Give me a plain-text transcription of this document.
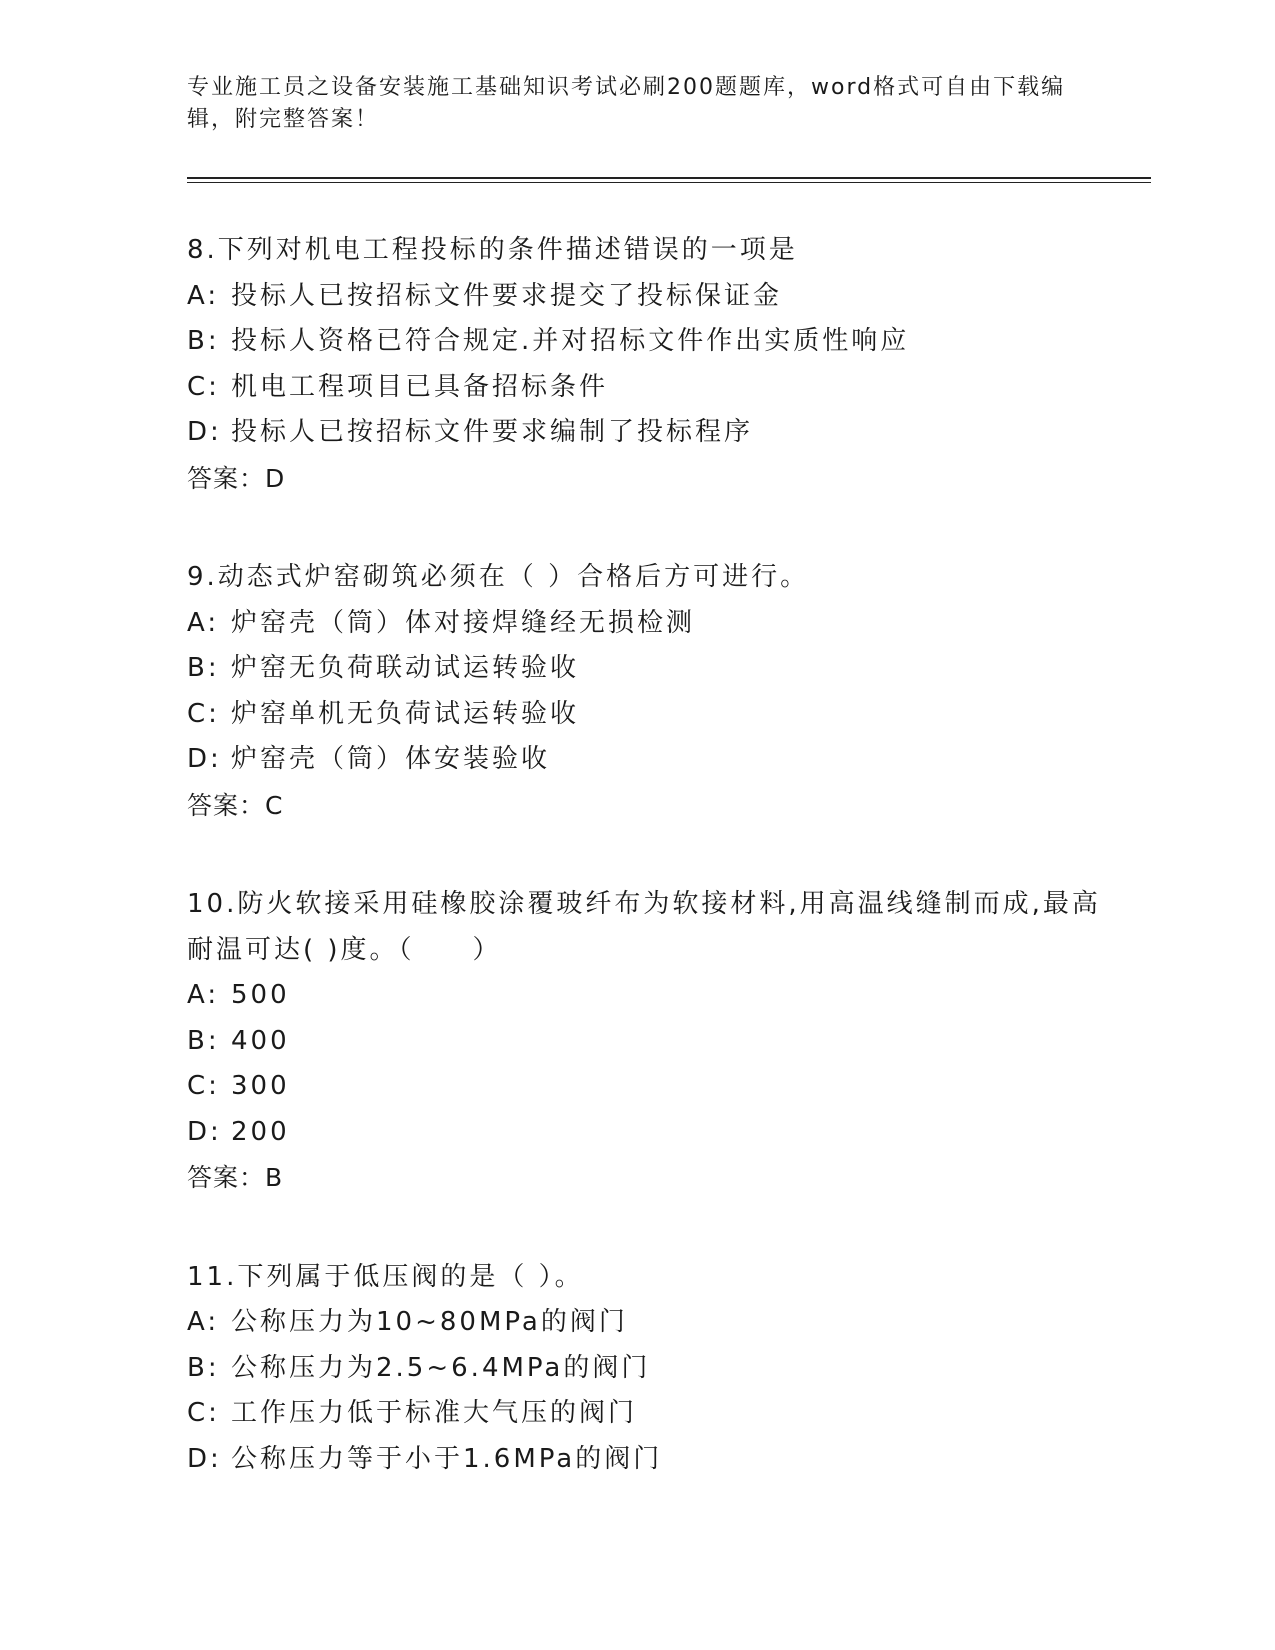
专业施工员之设备安装施工基础知识考试必刷200题题库，word格式可自由下载编辑，附完整答案！

8.下列对机电工程投标的条件描述错误的一项是

A: 投标人已按招标文件要求提交了投标保证金

B: 投标人资格已符合规定.并对招标文件作出实质性响应

C: 机电工程项目已具备招标条件

D: 投标人已按招标文件要求编制了投标程序

答案：D

9.动态式炉窑砌筑必须在（ ）合格后方可进行。

A: 炉窑壳（筒）体对接焊缝经无损检测

B: 炉窑无负荷联动试运转验收

C: 炉窑单机无负荷试运转验收

D: 炉窑壳（筒）体安装验收

答案：C

10.防火软接采用硅橡胶涂覆玻纤布为软接材料,用高温线缝制而成,最高耐温可达( )度。（　　）

A: 500

B: 400

C: 300

D: 200

答案：B

11.下列属于低压阀的是（ ）。

A: 公称压力为10~80MPa的阀门

B: 公称压力为2.5~6.4MPa的阀门

C: 工作压力低于标准大气压的阀门

D: 公称压力等于小于1.6MPa的阀门
